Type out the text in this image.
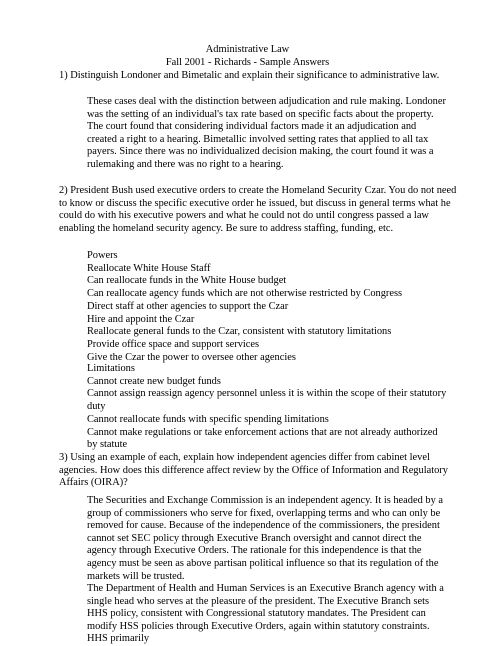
Administrative Law
Fall 2001 - Richards - Sample Answers

1) Distinguish Londoner and Bimetalic and explain their significance to administrative law.

These cases deal with the distinction between adjudication and rule making. Londoner was the setting of an individual's tax rate based on specific facts about the property. The court found that considering individual factors made it an adjudication and created a right to a hearing. Bimetallic involved setting rates that applied to all tax payers. Since there was no individualized decision making, the court found it was a rulemaking and there was no right to a hearing.

2) President Bush used executive orders to create the Homeland Security Czar. You do not need to know or discuss the specific executive order he issued, but discuss in general terms what he could do with his executive powers and what he could not do until congress passed a law enabling the homeland security agency. Be sure to address staffing, funding, etc.

Powers
Reallocate White House Staff
Can reallocate funds in the White House budget
Can reallocate agency funds which are not otherwise restricted by Congress
Direct staff at other agencies to support the Czar
Hire and appoint the Czar
Reallocate general funds to the Czar, consistent with statutory limitations
Provide office space and support services
Give the Czar the power to oversee other agencies
Limitations
Cannot create new budget funds
Cannot assign reassign agency personnel unless it is within the scope of their statutory duty
Cannot reallocate funds with specific spending limitations
Cannot make regulations or take enforcement actions that are not already authorized by statute

3) Using an example of each, explain how independent agencies differ from cabinet level agencies. How does this difference affect review by the Office of Information and Regulatory Affairs (OIRA)?

The Securities and Exchange Commission is an independent agency. It is headed by a group of commissioners who serve for fixed, overlapping terms and who can only be removed for cause. Because of the independence of the commissioners, the president cannot set SEC policy through Executive Branch oversight and cannot direct the agency through Executive Orders. The rationale for this independence is that the agency must be seen as above partisan political influence so that its regulation of the markets will be trusted.

The Department of Health and Human Services is an Executive Branch agency with a single head who serves at the pleasure of the president. The Executive Branch sets HHS policy, consistent with Congressional statutory mandates. The President can modify HSS policies through Executive Orders, again within statutory constraints. HHS primarily
